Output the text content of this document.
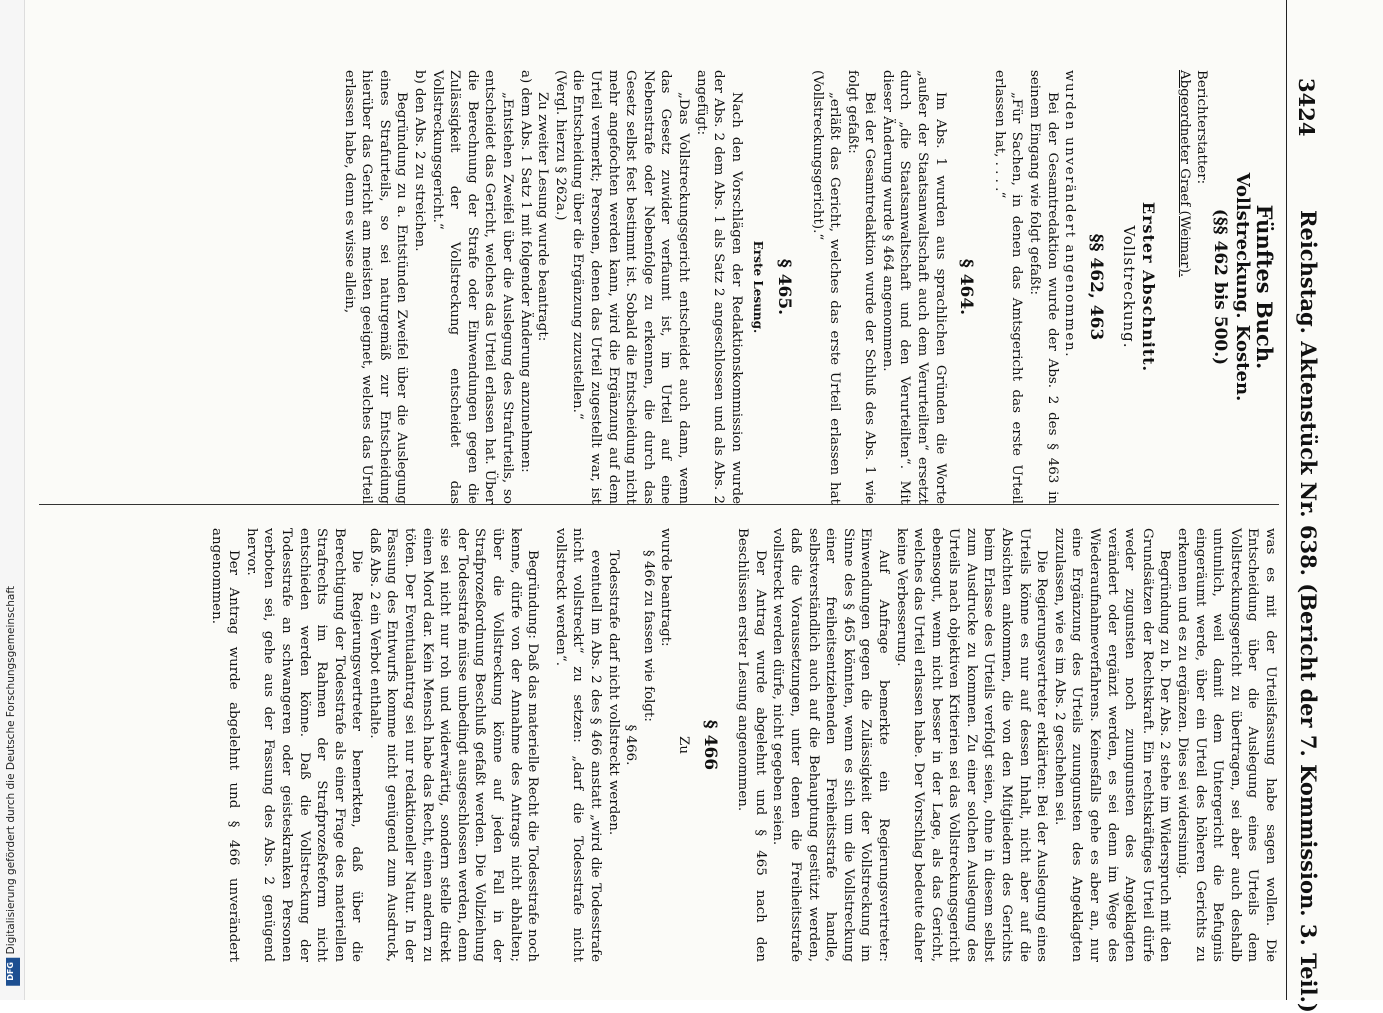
3424
Reichstag. Aktenstück Nr. 638. (Bericht der 7. Kommission. 3. Teil.)
Fünftes Buch.
Vollstreckung. Kosten.
(§§ 462 bis 500.)

Berichterstatter:

Abgeordneter Graef (Weimar).

Erster Abschnitt.
Vollstreckung.
§§ 462, 463

wurden unverändert angenommen.

Bei der Gesamtredaktion wurde der Abs. 2 des § 463 in seinem Eingang wie folgt gefaßt:

„Für Sachen, in denen das Amtsgericht das erste Urteil erlassen hat, . . . .“

§ 464.

Im Abs. 1 wurden aus sprachlichen Gründen die Worte „außer der Staatsanwaltschaft auch dem Verurteilten“ ersetzt durch „die Staatsanwaltschaft und den Verurteilten“. Mit dieser Änderung wurde § 464 angenommen.

Bei der Gesamtredaktion wurde der Schluß des Abs. 1 wie folgt gefaßt:

„erläßt das Gericht, welches das erste Urteil erlassen hat (Vollstreckungsgericht).“

§ 465.
Erste Lesung.

Nach den Vorschlägen der Redaktionskommission wurde der Abs. 2 dem Abs. 1 als Satz 2 angeschlossen und als Abs. 2 angefügt:

„Das Vollstreckungsgericht entscheidet auch dann, wenn das Gesetz zuwider verfaumt ist, im Urteil auf eine Nebenstrafe oder Nebenfolge zu erkennen, die durch das Gesetz selbst fest bestimmt ist. Sobald die Entscheidung nicht mehr angefochten werden kann, wird die Ergänzung auf dem Urteil vermerkt; Personen, denen das Urteil zugestellt war, ist die Entscheidung über die Ergänzung zuzustellen.“

(Vergl. hierzu § 262a.)

Zu zweiter Lesung wurde beantragt:

a) dem Abs. 1 Satz 1 mit folgender Änderung anzunehmen:

„Entstehen Zweifel über die Auslegung des Strafurteils, so entscheidet das Gericht, welches das Urteil erlassen hat. Über die Berechnung der Strafe oder Einwendungen gegen die Zulässigkeit der Vollstreckung entscheidet das Vollstreckungsgericht.“

b) den Abs. 2 zu streichen.

Begründung zu a. Entstünden Zweifel über die Auslegung eines Strafurteils, so sei naturgemäß zur Entscheidung hierüber das Gericht am meisten geeignet, welches das Urteil erlassen habe, denn es wisse allein,

was es mit der Urteilsfassung habe sagen wollen. Die Entscheidung über die Auslegung eines Urteils dem Vollstreckungsgericht zu übertragen, sei aber auch deshalb untunlich, weil damit dem Untergericht die Befugnis eingeräumt werde, über ein Urteil des höheren Gerichts zu erkennen und es zu ergänzen. Dies sei widersinnig.

Begründung zu b. Der Abs. 2 stehe im Widerspruch mit den Grundsätzen der Rechtskraft. Ein rechtskräftiges Urteil dürfe weder zugunsten noch zuungunsten des Angeklagten verändert oder ergänzt werden, es sei denn im Wege des Wiederaufnahmeverfahrens. Keinesfalls gehe es aber an, nur eine Ergänzung des Urteils zuungunsten des Angeklagten zuzulassen, wie es im Abs. 2 geschehen sei.

Die Regierungsvertreter erklärten: Bei der Auslegung eines Urteils könne es nur auf dessen Inhalt, nicht aber auf die Absichten ankommen, die von den Mitgliedern des Gerichts beim Erlasse des Urteils verfolgt seien, ohne in diesem selbst zum Ausdrucke zu kommen. Zu einer solchen Auslegung des Urteils nach objektiven Kriterien sei das Vollstreckungsgericht ebensogut, wenn nicht besser in der Lage, als das Gericht, welches das Urteil erlassen habe. Der Vorschlag bedeute daher keine Verbesserung.

Auf Anfrage bemerkte ein Regierungsvertreter: Einwendungen gegen die Zulässigkeit der Vollstreckung im Sinne des § 465 könnten, wenn es sich um die Vollstreckung einer freiheitsentziehenden Freiheitsstrafe handle, selbstverständlich auch auf die Behauptung gestützt werden, daß die Voraussetzungen, unter denen die Freiheitsstrafe vollstreckt werden dürfe, nicht gegeben seien.

Der Antrag wurde abgelehnt und § 465 nach den Beschlüssen erster Lesung angenommen.

§ 466
Zu

wurde beantragt:

§ 466 zu fassen wie folgt:

§ 466.

Todesstrafe darf nicht vollstreckt werden.

eventuell im Abs. 2 des § 466 anstatt „wird die Todesstrafe nicht vollstreckt“ zu setzen: „darf die Todesstrafe nicht vollstreckt werden“.

Begründung: Daß das materielle Recht die Todesstrafe noch kenne, dürfe von der Annahme des Antrags nicht abhalten; über die Vollstreckung könne auf jeden Fall in der Strafprozeßordnung Beschluß gefaßt werden. Die Vollziehung der Todesstrafe müsse unbedingt ausgeschlossen werden, denn sie sei nicht nur roh und widerwärtig, sondern stelle direkt einen Mord dar. Kein Mensch habe das Recht, einen andern zu töten. Der Eventualantrag sei nur redaktioneller Natur. In der Fassung des Entwurfs komme nicht genügend zum Ausdruck, daß Abs. 2 ein Verbot enthalte.

Die Regierungsvertreter bemerkten, daß über die Berechtigung der Todesstrafe als einer Frage des materiellen Strafrechts im Rahmen der Strafprozeßreform nicht entschieden werden könne. Daß die Vollstreckung der Todesstrafe an schwangeren oder geisteskranken Personen verboten sei, gehe aus der Fassung des Abs. 2 genügend hervor.

Der Antrag wurde abgelehnt und § 466 unverändert angenommen.

DFG Digitalisierung gefördert durch die Deutsche Forschungsgemeinschaft
